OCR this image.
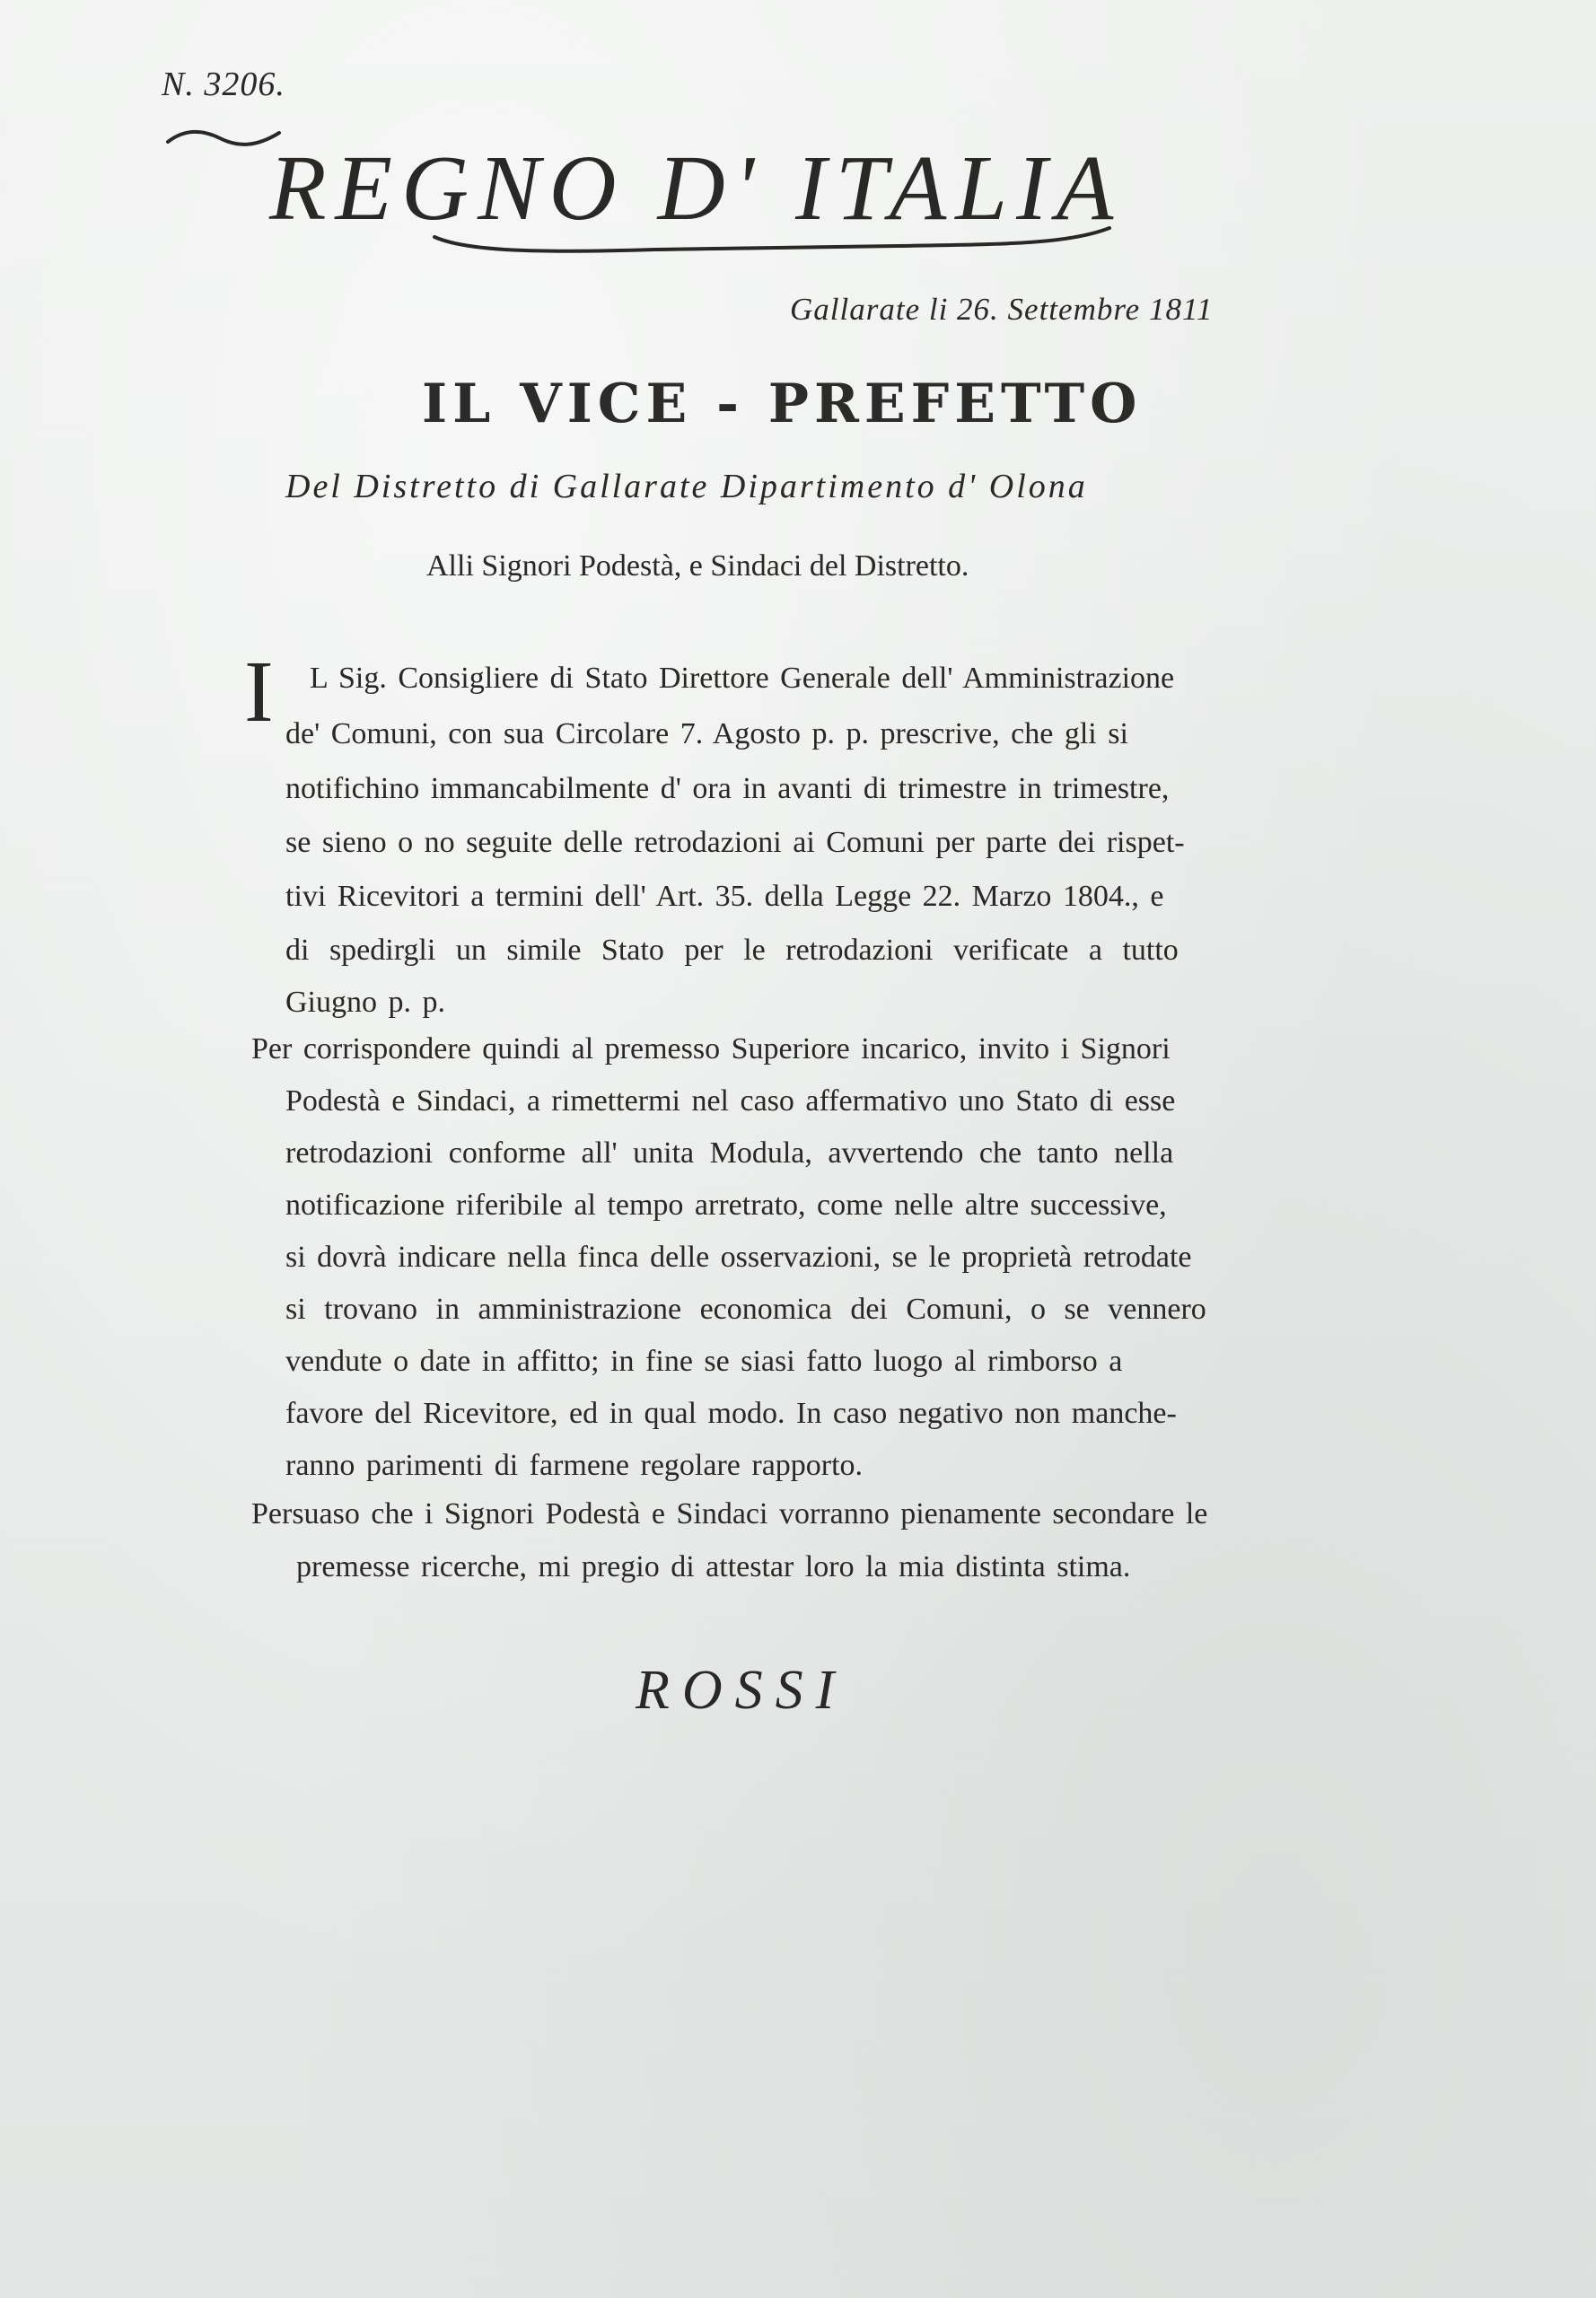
N. 3206.
REGNO D' ITALIA
Gallarate li 26. Settembre 1811
IL VICE - PREFETTO
Del Distretto di Gallarate Dipartimento d' Olona
Alli Signori Podestà, e Sindaci del Distretto.
I L Sig. Consigliere di Stato Direttore Generale dell' Amministrazione
de' Comuni, con sua Circolare 7. Agosto p. p. prescrive, che gli si
notifichino immancabilmente d' ora in avanti di trimestre in trimestre,
se sieno o no seguite delle retrodazioni ai Comuni per parte dei rispet-
tivi Ricevitori a termini dell' Art. 35. della Legge 22. Marzo 1804., e
di spedirgli un simile Stato per le retrodazioni verificate a tutto
Giugno p. p.
Per corrispondere quindi al premesso Superiore incarico, invito i Signori
Podestà e Sindaci, a rimettermi nel caso affermativo uno Stato di esse
retrodazioni conforme all' unita Modula, avvertendo che tanto nella
notificazione riferibile al tempo arretrato, come nelle altre successive,
si dovrà indicare nella finca delle osservazioni, se le proprietà retrodate
si trovano in amministrazione economica dei Comuni, o se vennero
vendute o date in affitto; in fine se siasi fatto luogo al rimborso a
favore del Ricevitore, ed in qual modo. In caso negativo non manche-
ranno parimenti di farmene regolare rapporto.
Persuaso che i Signori Podestà e Sindaci vorranno pienamente secondare le
premesse ricerche, mi pregio di attestar loro la mia distinta stima.
ROSSI
